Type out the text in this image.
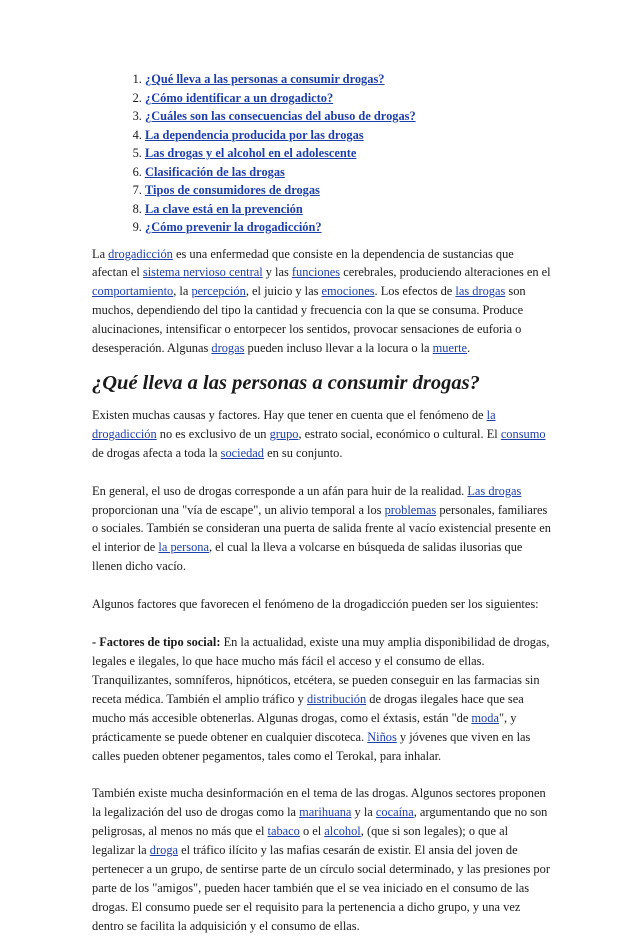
1. ¿Qué lleva a las personas a consumir drogas?
2. ¿Cómo identificar a un drogadicto?
3. ¿Cuáles son las consecuencias del abuso de drogas?
4. La dependencia producida por las drogas
5. Las drogas y el alcohol en el adolescente
6. Clasificación de las drogas
7. Tipos de consumidores de drogas
8. La clave está en la prevención
9. ¿Cómo prevenir la drogadicción?

La drogadicción es una enfermedad que consiste en la dependencia de sustancias que afectan el sistema nervioso central y las funciones cerebrales, produciendo alteraciones en el comportamiento, la percepción, el juicio y las emociones. Los efectos de las drogas son muchos, dependiendo del tipo la cantidad y frecuencia con la que se consuma. Produce alucinaciones, intensificar o entorpecer los sentidos, provocar sensaciones de euforia o desesperación. Algunas drogas pueden incluso llevar a la locura o la muerte.

¿Qué lleva a las personas a consumir drogas?

Existen muchas causas y factores. Hay que tener en cuenta que el fenómeno de la drogadicción no es exclusivo de un grupo, estrato social, económico o cultural. El consumo de drogas afecta a toda la sociedad en su conjunto.

En general, el uso de drogas corresponde a un afán para huir de la realidad. Las drogas proporcionan una "vía de escape", un alivio temporal a los problemas personales, familiares o sociales. También se consideran una puerta de salida frente al vacío existencial presente en el interior de la persona, el cual la lleva a volcarse en búsqueda de salidas ilusorias que llenen dicho vacío.

Algunos factores que favorecen el fenómeno de la drogadicción pueden ser los siguientes:

- Factores de tipo social: En la actualidad, existe una muy amplia disponibilidad de drogas, legales e ilegales, lo que hace mucho más fácil el acceso y el consumo de ellas. Tranquilizantes, somníferos, hipnóticos, etcétera, se pueden conseguir en las farmacias sin receta médica. También el amplio tráfico y distribución de drogas ilegales hace que sea mucho más accesible obtenerlas. Algunas drogas, como el éxtasis, están "de moda", y prácticamente se puede obtener en cualquier discoteca. Niños y jóvenes que viven en las calles pueden obtener pegamentos, tales como el Terokal, para inhalar.

También existe mucha desinformación en el tema de las drogas. Algunos sectores proponen la legalización del uso de drogas como la marihuana y la cocaína, argumentando que no son peligrosas, al menos no más que el tabaco o el alcohol, (que si son legales); o que al legalizar la droga el tráfico ilícito y las mafias cesarán de existir. El ansia del joven de pertenecer a un grupo, de sentirse parte de un círculo social determinado, y las presiones por parte de los "amigos", pueden hacer también que el se vea iniciado en el consumo de las drogas. El consumo puede ser el requisito para la pertenencia a dicho grupo, y una vez dentro se facilita la adquisición y el consumo de ellas.
